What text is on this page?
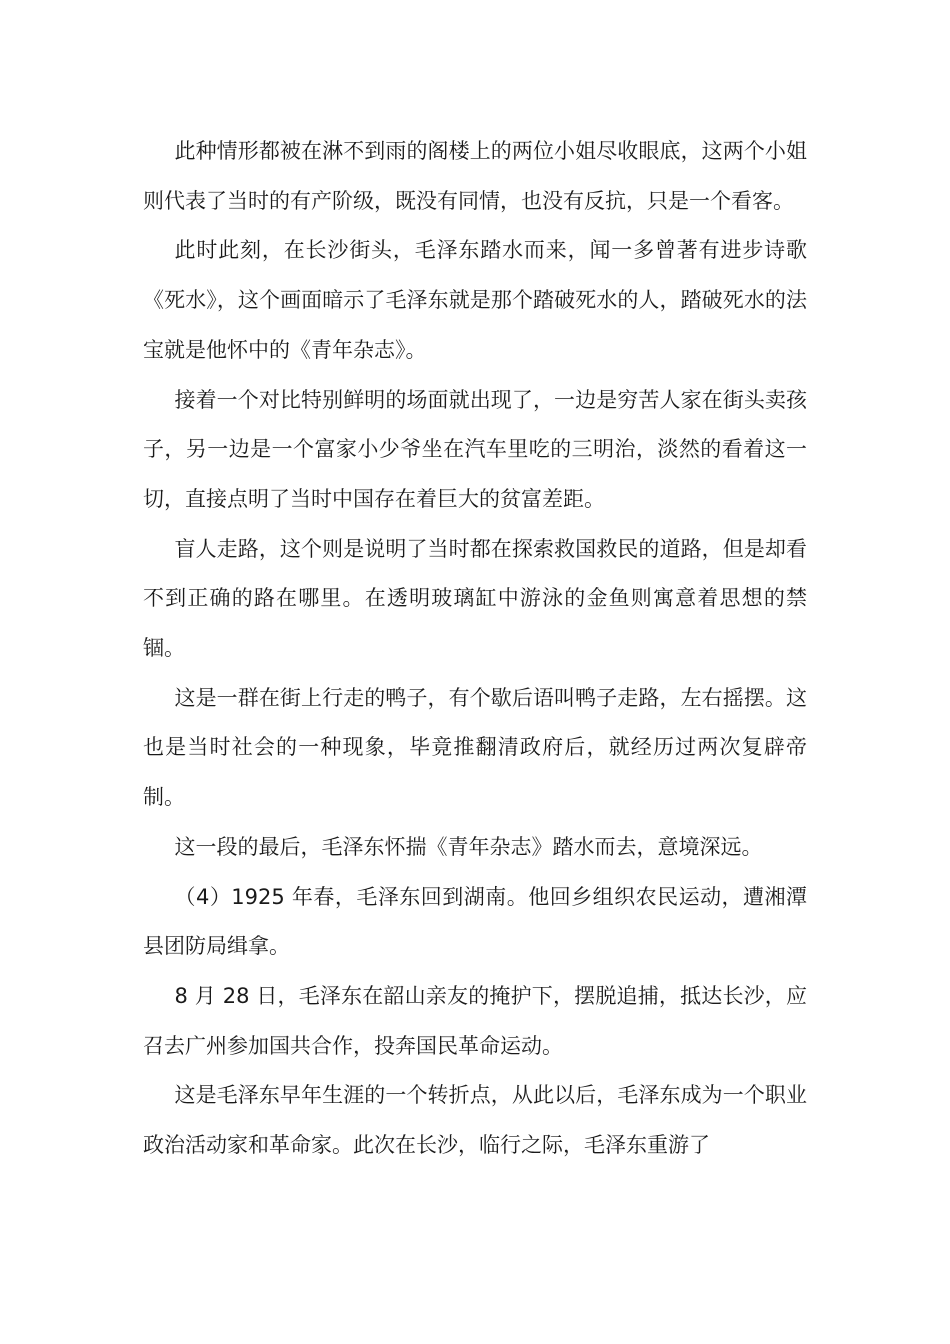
此种情形都被在淋不到雨的阁楼上的两位小姐尽收眼底，这两个小姐则代表了当时的有产阶级，既没有同情，也没有反抗，只是一个看客。

此时此刻，在长沙街头，毛泽东踏水而来，闻一多曾著有进步诗歌《死水》，这个画面暗示了毛泽东就是那个踏破死水的人，踏破死水的法宝就是他怀中的《青年杂志》。

接着一个对比特别鲜明的场面就出现了，一边是穷苦人家在街头卖孩子，另一边是一个富家小少爷坐在汽车里吃的三明治，淡然的看着这一切，直接点明了当时中国存在着巨大的贫富差距。

盲人走路，这个则是说明了当时都在探索救国救民的道路，但是却看不到正确的路在哪里。在透明玻璃缸中游泳的金鱼则寓意着思想的禁锢。

这是一群在街上行走的鸭子，有个歇后语叫鸭子走路，左右摇摆。这也是当时社会的一种现象，毕竟推翻清政府后，就经历过两次复辟帝制。

这一段的最后，毛泽东怀揣《青年杂志》踏水而去，意境深远。

（4）1925 年春，毛泽东回到湖南。他回乡组织农民运动，遭湘潭县团防局缉拿。

8 月 28 日，毛泽东在韶山亲友的掩护下，摆脱追捕，抵达长沙，应召去广州参加国共合作，投奔国民革命运动。

这是毛泽东早年生涯的一个转折点，从此以后，毛泽东成为一个职业政治活动家和革命家。此次在长沙，临行之际，毛泽东重游了
